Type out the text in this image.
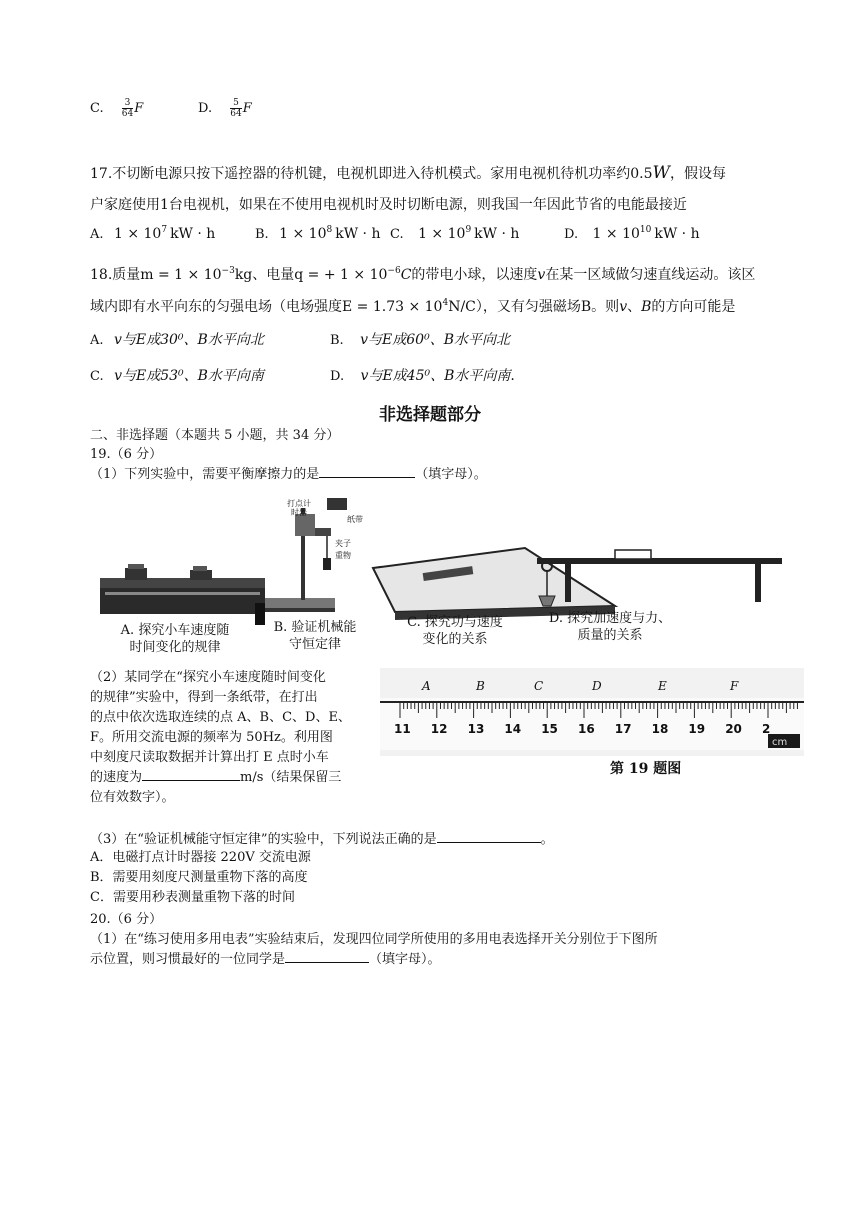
C. $\frac{3}{64}$ F	D. $\frac{5}{64}$ F
17.不切断电源只按下遥控器的待机键，电视机即进入待机模式。家用电视机待机功率约0.5W，假设每
户家庭使用1台电视机，如果在不使用电视机时及时切断电源，则我国一年因此节省的电能最接近
A. $1 \times 10^7$ kW · h	B. $1 \times 10^8$ kW · h C. $1 \times 10^9$ kW · h	D. $1 \times 10^{10}$ kW · h
18.质量$m = 1 \times 10^{-3}kg$、电量q = + $1 \times 10^{-6}C$的带电小球，以速度v在某一区域做匀速直线运动。该区
域内即有水平向东的匀强电场（电场强度$E = 1.73 \times 10^4N/C$），又有匀强磁场B。则v、B的方向可能是
A. v与E成30⁰、B水平向北	B. v与E成60⁰、B水平向北
C. v与E成53⁰、B水平向南	D. v与E成45⁰、B水平向南.
非选择题部分
二、非选择题（本题共 5 小题，共 34 分）
19.（6 分）
（1）下列实验中，需要平衡摩擦力的是	（填字母）。
打点计
时器
纸带
夹子
重物
A. 探究小车速度随
时间变化的规律
B. 验证机械能
守恒定律
C. 探究功与速度
变化的关系
D. 探究加速度与力、
质量的关系
（2）某同学在“探究小车速度随时间变化
的规律”实验中，得到一条纸带，在打出
的点中依次选取连续的点 A、B、C、D、E、
F。所用交流电源的频率为 50Hz。利用图
中刻度尺读取数据并计算出打 E 点时小车
的速度为	m/s（结果保留三
位有效数字）。
cm
A	B	C	D	E	F
11 12 13 14 15 16 17 18 19 20 2
第 19 题图
（3）在“验证机械能守恒定律”的实验中，下列说法正确的是	。
A．电磁打点计时器接 220V 交流电源
B．需要用刻度尺测量重物下落的高度
C．需要用秒表测量重物下落的时间
20.（6 分）
（1）在“练习使用多用电表”实验结束后，发现四位同学所使用的多用电表选择开关分别位于下图所
示位置，则习惯最好的一位同学是	（填字母）。
